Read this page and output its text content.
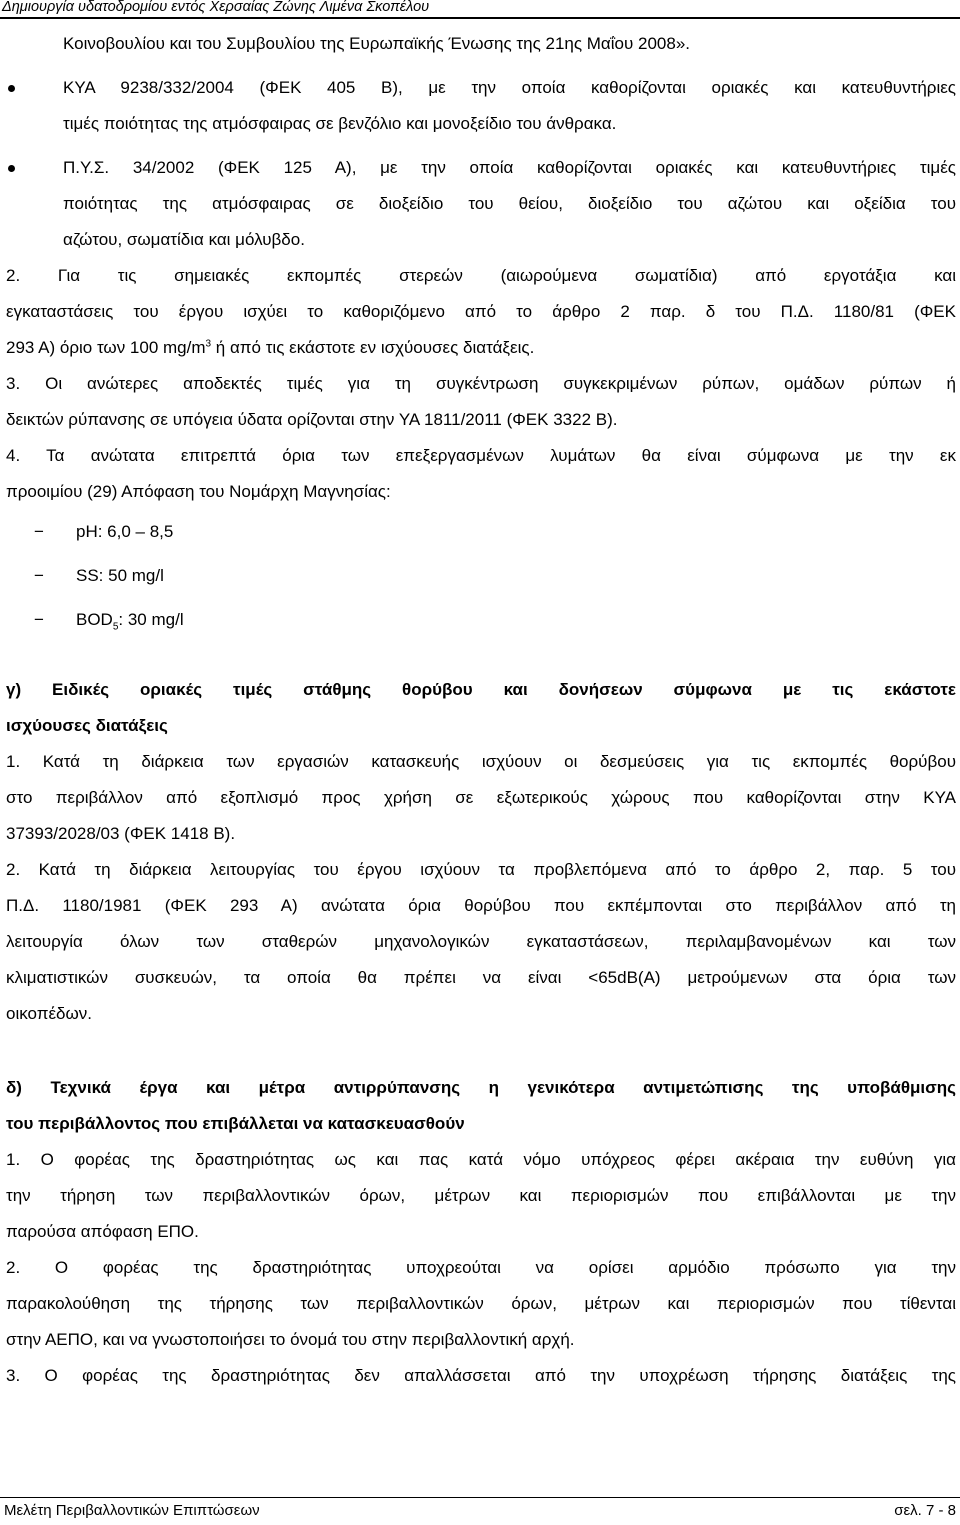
Δημιουργία υδατοδρομίου εντός Χερσαίας Ζώνης Λιμένα Σκοπέλου
Κοινοβουλίου και του Συμβουλίου της Ευρωπαϊκής Ένωσης της 21ης Μαΐου 2008».
ΚΥΑ 9238/332/2004 (ΦΕΚ 405 Β), με την οποία καθορίζονται οριακές και κατευθυντήριες
τιμές ποιότητας της ατμόσφαιρας σε βενζόλιο και μονοξείδιο του άνθρακα.
Π.Υ.Σ. 34/2002 (ΦΕΚ 125 Α), με την οποία καθορίζονται οριακές και κατευθυντήριες τιμές
ποιότητας της ατμόσφαιρας σε διοξείδιο του θείου, διοξείδιο του αζώτου και οξείδια του
αζώτου, σωματίδια και μόλυβδο.
2. Για τις σημειακές εκπομπές στερεών (αιωρούμενα σωματίδια) από εργοτάξια και
εγκαταστάσεις του έργου ισχύει το καθοριζόμενο από το άρθρο 2 παρ. δ του Π.Δ. 1180/81 (ΦΕΚ
293 Α) όριο των 100 $mg/m^3$ ή από τις εκάστοτε εν ισχύουσες διατάξεις.
3. Οι ανώτερες αποδεκτές τιμές για τη συγκέντρωση συγκεκριμένων ρύπων, ομάδων ρύπων ή
δεικτών ρύπανσης σε υπόγεια ύδατα ορίζονται στην ΥΑ 1811/2011 (ΦΕΚ 3322 Β).
4. Τα ανώτατα επιτρεπτά όρια των επεξεργασμένων λυμάτων θα είναι σύμφωνα με την εκ
προοιμίου (29) Απόφαση του Νομάρχη Μαγνησίας:
− pH: 6,0 – 8,5
− SS: 50 mg/l
− $BOD_5$: 30 mg/l
γ) Ειδικές οριακές τιμές στάθμης θορύβου και δονήσεων σύμφωνα με τις εκάστοτε
ισχύουσες διατάξεις
1. Κατά τη διάρκεια των εργασιών κατασκευής ισχύουν οι δεσμεύσεις για τις εκπομπές θορύβου
στο περιβάλλον από εξοπλισμό προς χρήση σε εξωτερικούς χώρους που καθορίζονται στην ΚΥΑ
37393/2028/03 (ΦΕΚ 1418 Β).
2. Κατά τη διάρκεια λειτουργίας του έργου ισχύουν τα προβλεπόμενα από το άρθρο 2, παρ. 5 του
Π.Δ. 1180/1981 (ΦΕΚ 293 Α) ανώτατα όρια θορύβου που εκπέμπονται στο περιβάλλον από τη
λειτουργία όλων των σταθερών μηχανολογικών εγκαταστάσεων, περιλαμβανομένων και των
κλιματιστικών συσκευών, τα οποία θα πρέπει να είναι <65dB(A) μετρούμενων στα όρια των
οικοπέδων.
δ) Τεχνικά έργα και μέτρα αντιρρύπανσης η γενικότερα αντιμετώπισης της υποβάθμισης
του περιβάλλοντος που επιβάλλεται να κατασκευασθούν
1. Ο φορέας της δραστηριότητας ως και πας κατά νόμο υπόχρεος φέρει ακέραια την ευθύνη για
την τήρηση των περιβαλλοντικών όρων, μέτρων και περιορισμών που επιβάλλονται με την
παρούσα απόφαση ΕΠΟ.
2. Ο φορέας της δραστηριότητας υποχρεούται να ορίσει αρμόδιο πρόσωπο για την
παρακολούθηση της τήρησης των περιβαλλοντικών όρων, μέτρων και περιορισμών που τίθενται
στην ΑΕΠΟ, και να γνωστοποιήσει το όνομά του στην περιβαλλοντική αρχή.
3. Ο φορέας της δραστηριότητας δεν απαλλάσσεται από την υποχρέωση τήρησης διατάξεις της
Μελέτη Περιβαλλοντικών Επιπτώσεων	σελ. 7 - 8
